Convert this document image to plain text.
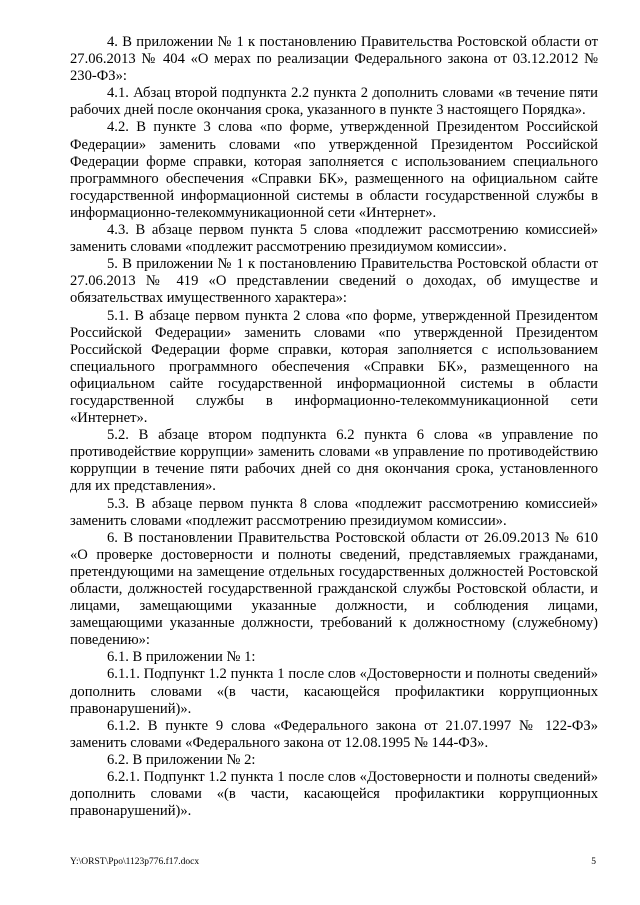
4. В приложении № 1 к постановлению Правительства Ростовской области от 27.06.2013 № 404 «О мерах по реализации Федерального закона от 03.12.2012 № 230-ФЗ»:

4.1. Абзац второй подпункта 2.2 пункта 2 дополнить словами «в течение пяти рабочих дней после окончания срока, указанного в пункте 3 настоящего Порядка».

4.2. В пункте 3 слова «по форме, утвержденной Президентом Российской Федерации» заменить словами «по утвержденной Президентом Российской Федерации форме справки, которая заполняется с использованием специального программного обеспечения «Справки БК», размещенного на официальном сайте государственной информационной системы в области государственной службы в информационно-телекоммуникационной сети «Интернет».

4.3. В абзаце первом пункта 5 слова «подлежит рассмотрению комиссией» заменить словами «подлежит рассмотрению президиумом комиссии».

5. В приложении № 1 к постановлению Правительства Ростовской области от 27.06.2013 № 419 «О представлении сведений о доходах, об имуществе и обязательствах имущественного характера»:

5.1. В абзаце первом пункта 2 слова «по форме, утвержденной Президентом Российской Федерации» заменить словами «по утвержденной Президентом Российской Федерации форме справки, которая заполняется с использованием специального программного обеспечения «Справки БК», размещенного на официальном сайте государственной информационной системы в области государственной службы в информационно-телекоммуникационной сети «Интернет».

5.2. В абзаце втором подпункта 6.2 пункта 6 слова «в управление по противодействие коррупции» заменить словами «в управление по противодействию коррупции в течение пяти рабочих дней со дня окончания срока, установленного для их представления».

5.3. В абзаце первом пункта 8 слова «подлежит рассмотрению комиссией» заменить словами «подлежит рассмотрению президиумом комиссии».

6. В постановлении Правительства Ростовской области от 26.09.2013 № 610 «О проверке достоверности и полноты сведений, представляемых гражданами, претендующими на замещение отдельных государственных должностей Ростовской области, должностей государственной гражданской службы Ростовской области, и лицами, замещающими указанные должности, и соблюдения лицами, замещающими указанные должности, требований к должностному (служебному) поведению»:

6.1. В приложении № 1:

6.1.1. Подпункт 1.2 пункта 1 после слов «Достоверности и полноты сведений» дополнить словами «(в части, касающейся профилактики коррупционных правонарушений)».

6.1.2. В пункте 9 слова «Федерального закона от 21.07.1997 № 122-ФЗ» заменить словами «Федерального закона от 12.08.1995 № 144-ФЗ».

6.2. В приложении № 2:

6.2.1. Подпункт 1.2 пункта 1 после слов «Достоверности и полноты сведений» дополнить словами «(в части, касающейся профилактики коррупционных правонарушений)».

Y:\ORST\Ppo\1123p776.f17.docx	5
